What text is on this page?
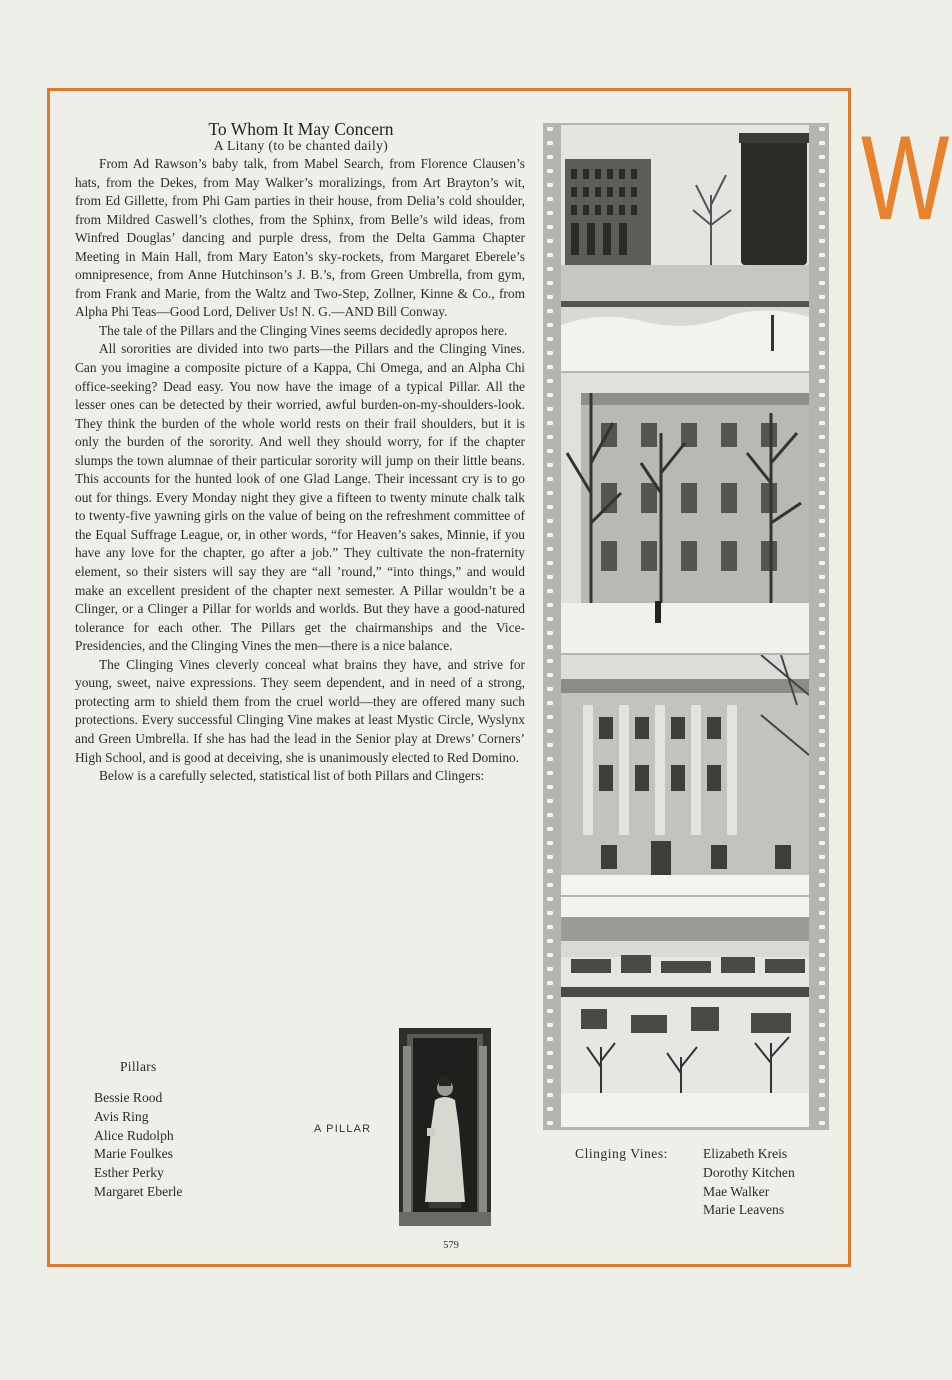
W
To Whom It May Concern
A Litany (to be chanted daily)

From Ad Rawson’s baby talk, from Mabel Search, from Florence Clausen’s hats, from the Dekes, from May Walker’s moralizings, from Art Brayton’s wit, from Ed Gillette, from Phi Gam parties in their house, from Delia’s cold shoulder, from Mildred Caswell’s clothes, from the Sphinx, from Belle’s wild ideas, from Winfred Douglas’ dancing and purple dress, from the Delta Gamma Chapter Meeting in Main Hall, from Mary Eaton’s sky-rockets, from Margaret Eberele’s omnipresence, from Anne Hutchinson’s J. B.’s, from Green Umbrella, from gym, from Frank and Marie, from the Waltz and Two-Step, Zollner, Kinne & Co., from Alpha Phi Teas—Good Lord, Deliver Us! N. G.—AND Bill Conway.

The tale of the Pillars and the Clinging Vines seems decidedly apropos here.

All sororities are divided into two parts—the Pillars and the Clinging Vines. Can you imagine a composite picture of a Kappa, Chi Omega, and an Alpha Chi office-seeking? Dead easy. You now have the image of a typical Pillar. All the lesser ones can be detected by their worried, awful burden-on-my-shoulders-look. They think the burden of the whole world rests on their frail shoulders, but it is only the burden of the sorority. And well they should worry, for if the chapter slumps the town alumnae of their particular sorority will jump on their little beans. This accounts for the hunted look of one Glad Lange. Their incessant cry is to go out for things. Every Monday night they give a fifteen to twenty minute chalk talk to twenty-five yawning girls on the value of being on the refreshment committee of the Equal Suffrage League, or, in other words, “for Heaven’s sakes, Minnie, if you have any love for the chapter, go after a job.” They cultivate the non-fraternity element, so their sisters will say they are “all ’round,” “into things,” and would make an excellent president of the chapter next semester. A Pillar wouldn’t be a Clinger, or a Clinger a Pillar for worlds and worlds. But they have a good-natured tolerance for each other. The Pillars get the chairmanships and the Vice-Presidencies, and the Clinging Vines the men—there is a nice balance.

The Clinging Vines cleverly conceal what brains they have, and strive for young, sweet, naive expressions. They seem dependent, and in need of a strong, protecting arm to shield them from the cruel world—they are offered many such protections. Every successful Clinging Vine makes at least Mystic Circle, Wyslynx and Green Umbrella. If she has had the lead in the Senior play at Drews’ Corners’ High School, and is good at deceiving, she is unanimously elected to Red Domino.

Below is a carefully selected, statistical list of both Pillars and Clingers:

Pillars
Bessie Rood
Avis Ring
Alice Rudolph
Marie Foulkes
Esther Perky
Margaret Eberle
A PILLAR
Clinging Vines:	Elizabeth Kreis
Dorothy Kitchen
Mae Walker
Marie Leavens
579
